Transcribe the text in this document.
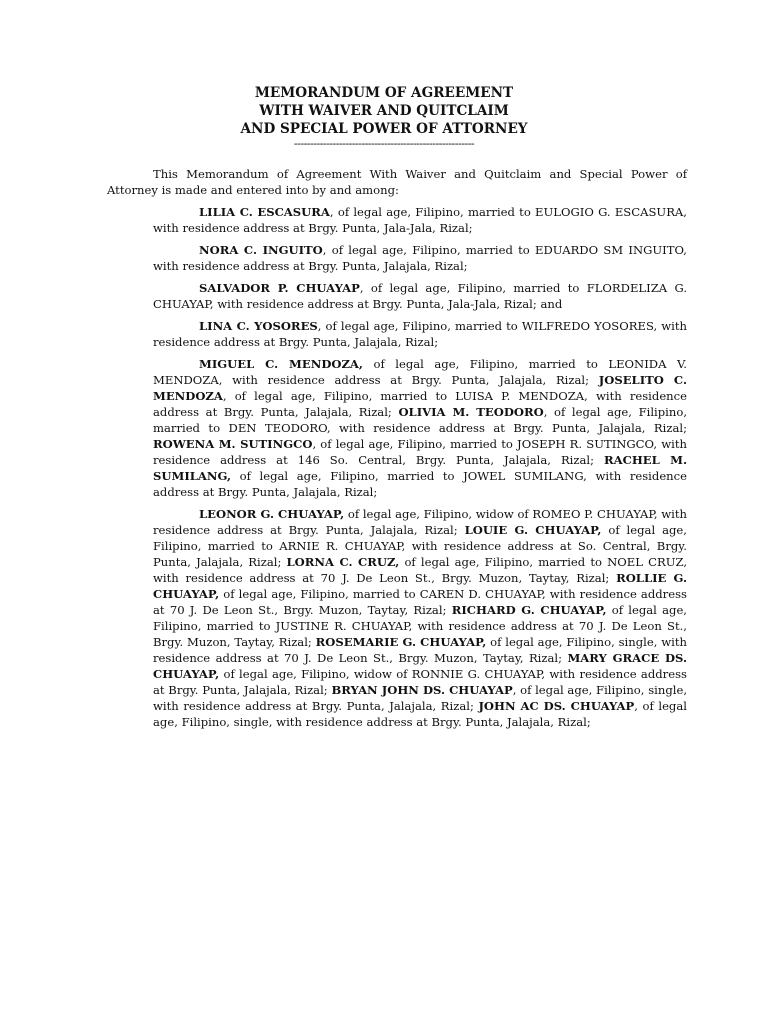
MEMORANDUM OF AGREEMENT
WITH WAIVER AND QUITCLAIM
AND SPECIAL POWER OF ATTORNEY
--------------------------------------------------------

This Memorandum of Agreement With Waiver and Quitclaim and Special Power of Attorney is made and entered into by and among:

LILIA C. ESCASURA, of legal age, Filipino, married to EULOGIO G. ESCASURA, with residence address at Brgy. Punta, Jala-Jala, Rizal;

NORA C. INGUITO, of legal age, Filipino, married to EDUARDO SM INGUITO, with residence address at Brgy. Punta, Jalajala, Rizal;

SALVADOR P. CHUAYAP, of legal age, Filipino, married to FLORDELIZA G. CHUAYAP, with residence address at Brgy. Punta, Jala-Jala, Rizal; and

LINA C. YOSORES, of legal age, Filipino, married to WILFREDO YOSORES, with residence address at Brgy. Punta, Jalajala, Rizal;

MIGUEL C. MENDOZA, of legal age, Filipino, married to LEONIDA V. MENDOZA, with residence address at Brgy. Punta, Jalajala, Rizal; JOSELITO C. MENDOZA, of legal age, Filipino, married to LUISA P. MENDOZA, with residence address at Brgy. Punta, Jalajala, Rizal; OLIVIA M. TEODORO, of legal age, Filipino, married to DEN TEODORO, with residence address at Brgy. Punta, Jalajala, Rizal; ROWENA M. SUTINGCO, of legal age, Filipino, married to JOSEPH R. SUTINGCO, with residence address at 146 So. Central, Brgy. Punta, Jalajala, Rizal; RACHEL M. SUMILANG, of legal age, Filipino, married to JOWEL SUMILANG, with residence address at Brgy. Punta, Jalajala, Rizal;

LEONOR G. CHUAYAP, of legal age, Filipino, widow of ROMEO P. CHUAYAP, with residence address at Brgy. Punta, Jalajala, Rizal; LOUIE G. CHUAYAP, of legal age, Filipino, married to ARNIE R. CHUAYAP, with residence address at So. Central, Brgy. Punta, Jalajala, Rizal; LORNA C. CRUZ, of legal age, Filipino, married to NOEL CRUZ, with residence address at 70 J. De Leon St., Brgy. Muzon, Taytay, Rizal; ROLLIE G. CHUAYAP, of legal age, Filipino, married to CAREN D. CHUAYAP, with residence address at 70 J. De Leon St., Brgy. Muzon, Taytay, Rizal; RICHARD G. CHUAYAP, of legal age, Filipino, married to JUSTINE R. CHUAYAP, with residence address at 70 J. De Leon St., Brgy. Muzon, Taytay, Rizal; ROSEMARIE G. CHUAYAP, of legal age, Filipino, single, with residence address at 70 J. De Leon St., Brgy. Muzon, Taytay, Rizal; MARY GRACE DS. CHUAYAP, of legal age, Filipino, widow of RONNIE G. CHUAYAP, with residence address at Brgy. Punta, Jalajala, Rizal; BRYAN JOHN DS. CHUAYAP, of legal age, Filipino, single, with residence address at Brgy. Punta, Jalajala, Rizal; JOHN AC DS. CHUAYAP, of legal age, Filipino, single, with residence address at Brgy. Punta, Jalajala, Rizal;
